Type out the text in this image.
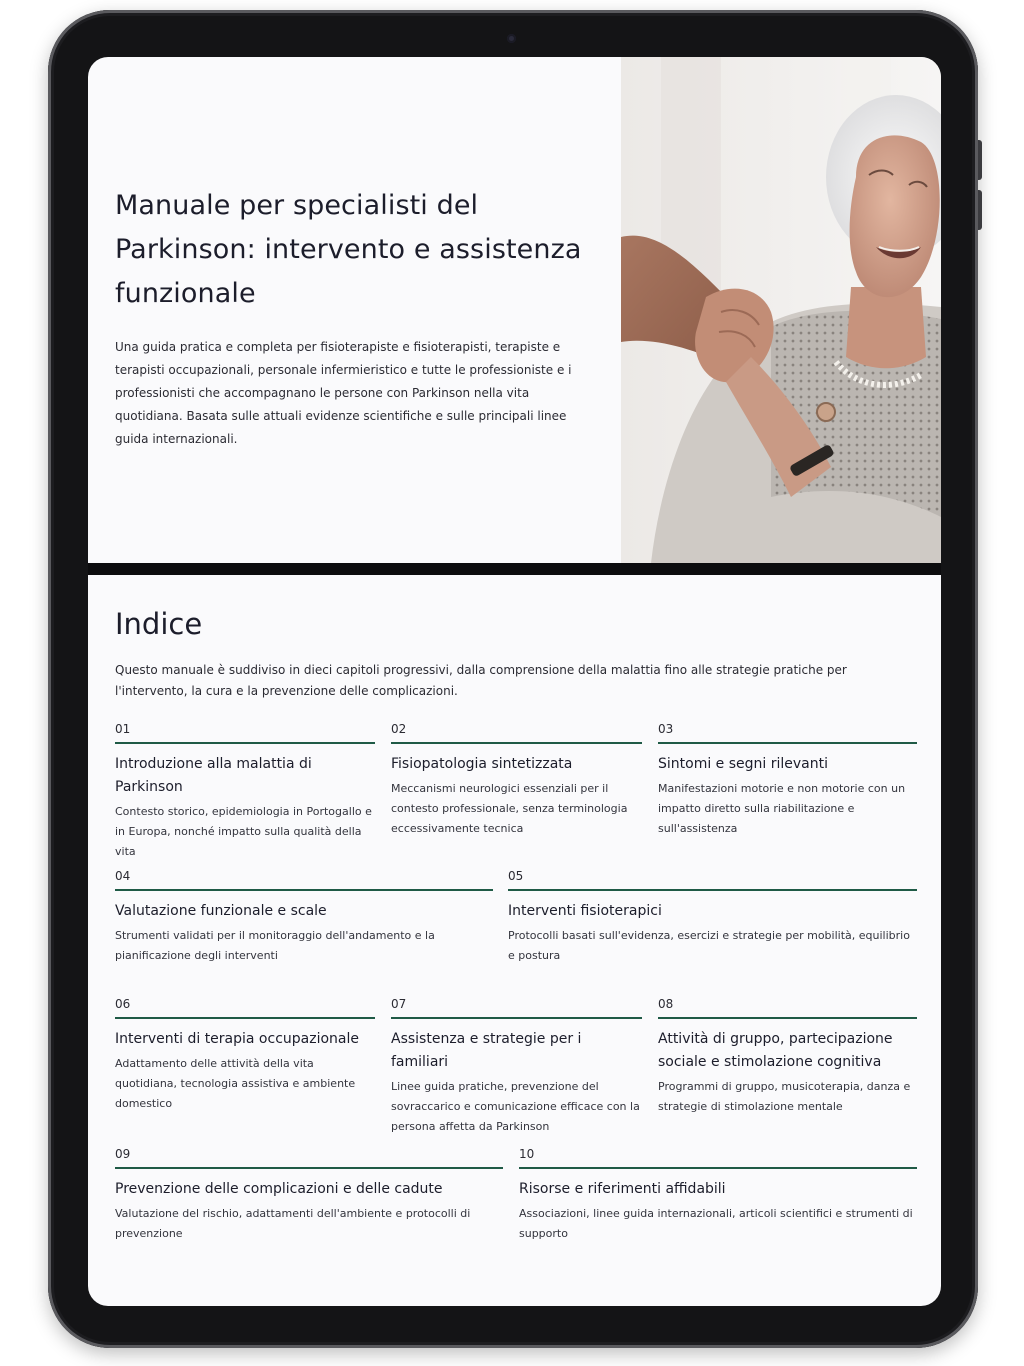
Manuale per specialisti del Parkinson: intervento e assistenza funzionale

Una guida pratica e completa per fisioterapiste e fisioterapisti, terapiste e terapisti occupazionali, personale infermieristico e tutte le professioniste e i professionisti che accompagnano le persone con Parkinson nella vita quotidiana. Basata sulle attuali evidenze scientifiche e sulle principali linee guida internazionali.

Indice

Questo manuale è suddiviso in dieci capitoli progressivi, dalla comprensione della malattia fino alle strategie pratiche per l'intervento, la cura e la prevenzione delle complicazioni.

01
Introduzione alla malattia di Parkinson
Contesto storico, epidemiologia in Portogallo e in Europa, nonché impatto sulla qualità della vita
02
Fisiopatologia sintetizzata
Meccanismi neurologici essenziali per il contesto professionale, senza terminologia eccessivamente tecnica
03
Sintomi e segni rilevanti
Manifestazioni motorie e non motorie con un impatto diretto sulla riabilitazione e sull'assistenza
04
Valutazione funzionale e scale
Strumenti validati per il monitoraggio dell'andamento e la pianificazione degli interventi
05
Interventi fisioterapici
Protocolli basati sull'evidenza, esercizi e strategie per mobilità, equilibrio e postura
06
Interventi di terapia occupazionale
Adattamento delle attività della vita quotidiana, tecnologia assistiva e ambiente domestico
07
Assistenza e strategie per i familiari
Linee guida pratiche, prevenzione del sovraccarico e comunicazione efficace con la persona affetta da Parkinson
08
Attività di gruppo, partecipazione sociale e stimolazione cognitiva
Programmi di gruppo, musicoterapia, danza e strategie di stimolazione mentale
09
Prevenzione delle complicazioni e delle cadute
Valutazione del rischio, adattamenti dell'ambiente e protocolli di prevenzione
10
Risorse e riferimenti affidabili
Associazioni, linee guida internazionali, articoli scientifici e strumenti di supporto
